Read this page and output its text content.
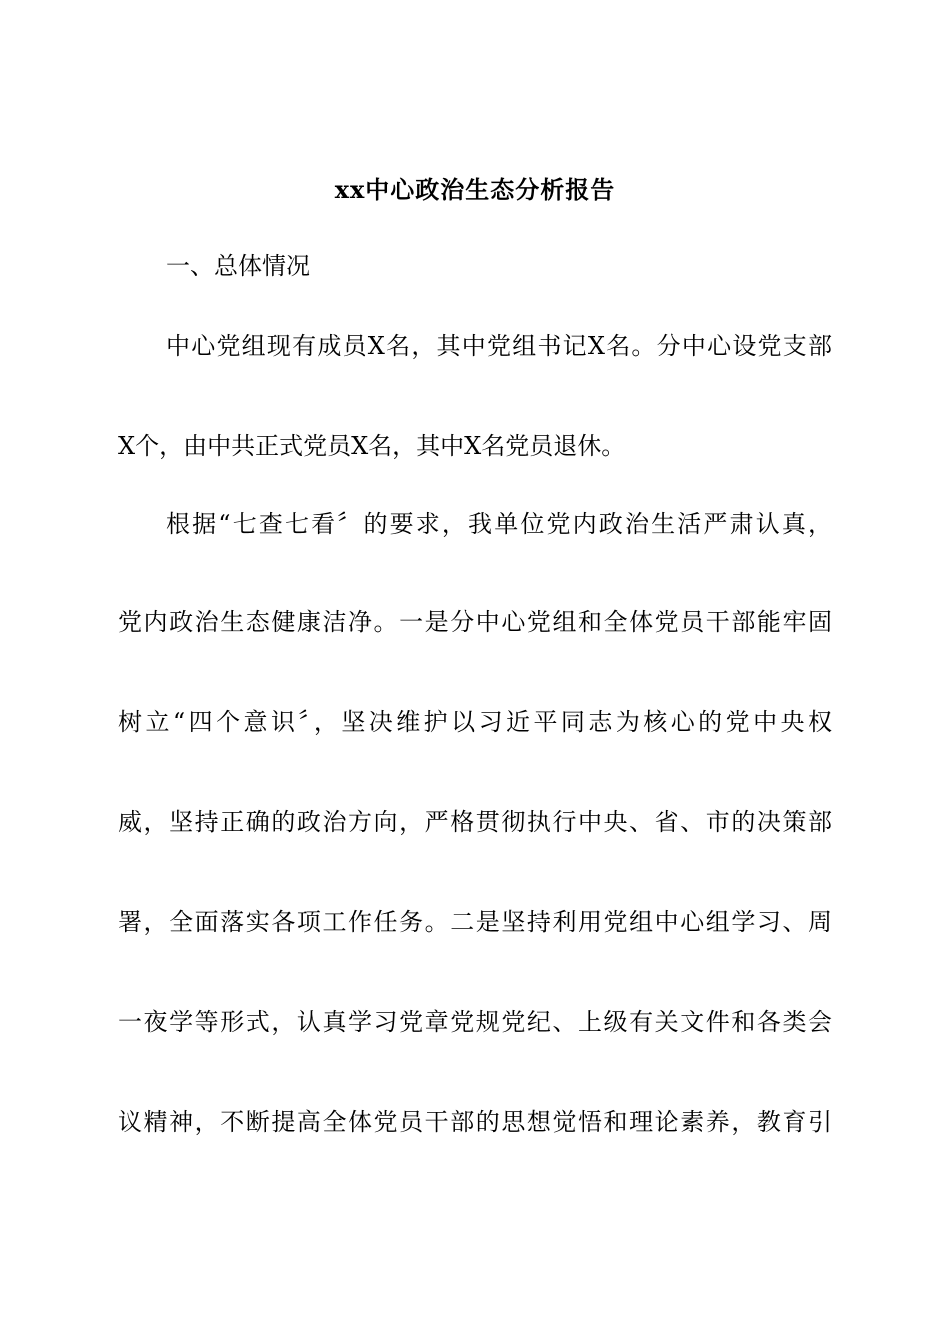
xx中心政治生态分析报告
一、总体情况
中心党组现有成员X名，其中党组书记X名。分中心设党支部
X个，由中共正式党员X名，其中X名党员退休。
根据“七查七看〞的要求，我单位党内政治生活严肃认真，
党内政治生态健康洁净。一是分中心党组和全体党员干部能牢固
树立“四个意识〞，坚决维护以习近平同志为核心的党中央权
威，坚持正确的政治方向，严格贯彻执行中央、省、市的决策部
署，全面落实各项工作任务。二是坚持利用党组中心组学习、周
一夜学等形式，认真学习党章党规党纪、上级有关文件和各类会
议精神，不断提高全体党员干部的思想觉悟和理论素养，教育引
